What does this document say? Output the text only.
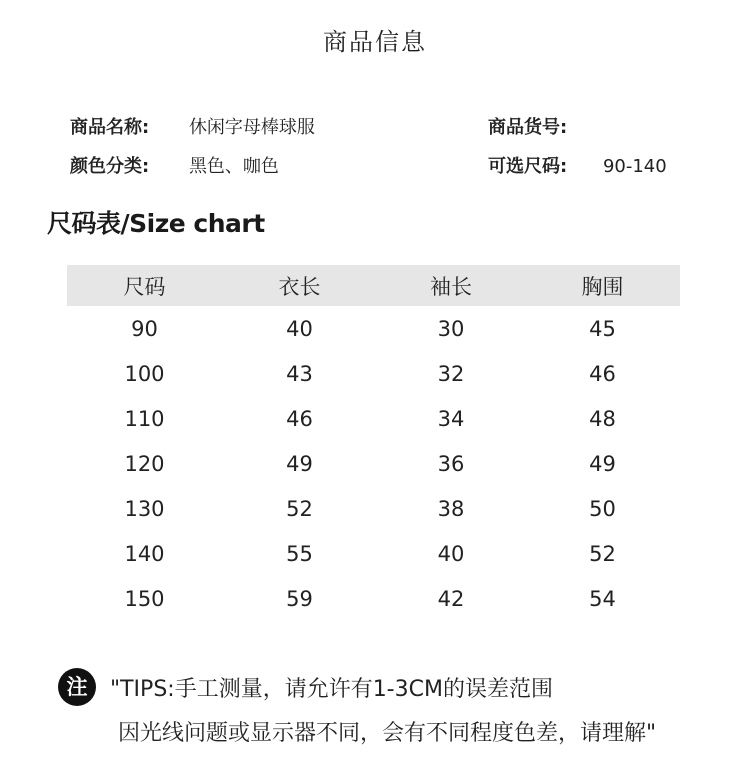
商品信息
商品名称: 休闲字母棒球服	商品货号:
颜色分类: 黑色、咖色	可选尺码: 90-140
尺码表/Size chart
尺码	衣长	袖长	胸围
90	40	30	45
100	43	32	46
110	46	34	48
120	49	36	49
130	52	38	50
140	55	40	52
150	59	42	54
注	"TIPS:手工测量，请允许有1-3CM的误差范围
因光线问题或显示器不同，会有不同程度色差，请理解"
